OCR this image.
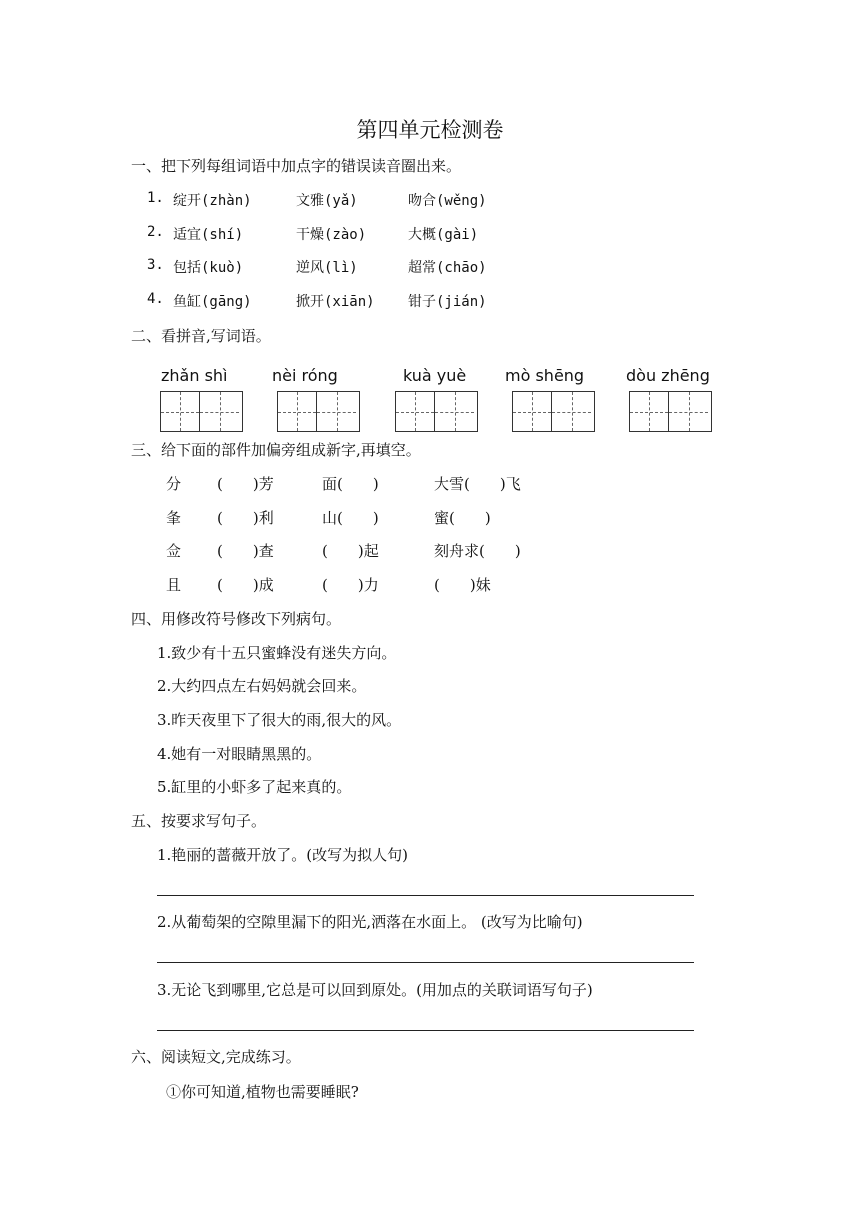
第四单元检测卷
一、把下列每组词语中加点字的错误读音圈出来。
1. 绽开(zhàn)	文雅(yǎ)	吻合(wěng)
2. 适宜(shí)	干燥(zào)	大概(gài)
3. 包括(kuò)	逆风(lì)	超常(chāo)
4. 鱼缸(gāng)	掀开(xiān) 钳子(jián)
二、看拼音,写词语。
zhǎn shì	nèi róng	kuà yuè mò shēng	dòu zhēng
三、给下面的部件加偏旁组成新字,再填空。
分 (　　)芳	面(　　)	大雪(　　)飞
夆 (　　)利	山(　　)	蜜(　　)
佥 (　　)查	(　　)起	刻舟求(　　)
且 (　　)成	(　　)力	(　　)妹
四、用修改符号修改下列病句。
1.致少有十五只蜜蜂没有迷失方向。
2.大约四点左右妈妈就会回来。
3.昨天夜里下了很大的雨,很大的风。
4.她有一对眼睛黑黑的。
5.缸里的小虾多了起来真的。
五、按要求写句子。
1.艳丽的蔷薇开放了。(改写为拟人句)
2.从葡萄架的空隙里漏下的阳光,洒落在水面上。 (改写为比喻句)
3.无论飞到哪里,它总是可以回到原处。(用加点的关联词语写句子)
六、阅读短文,完成练习。
①你可知道,植物也需要睡眠?
